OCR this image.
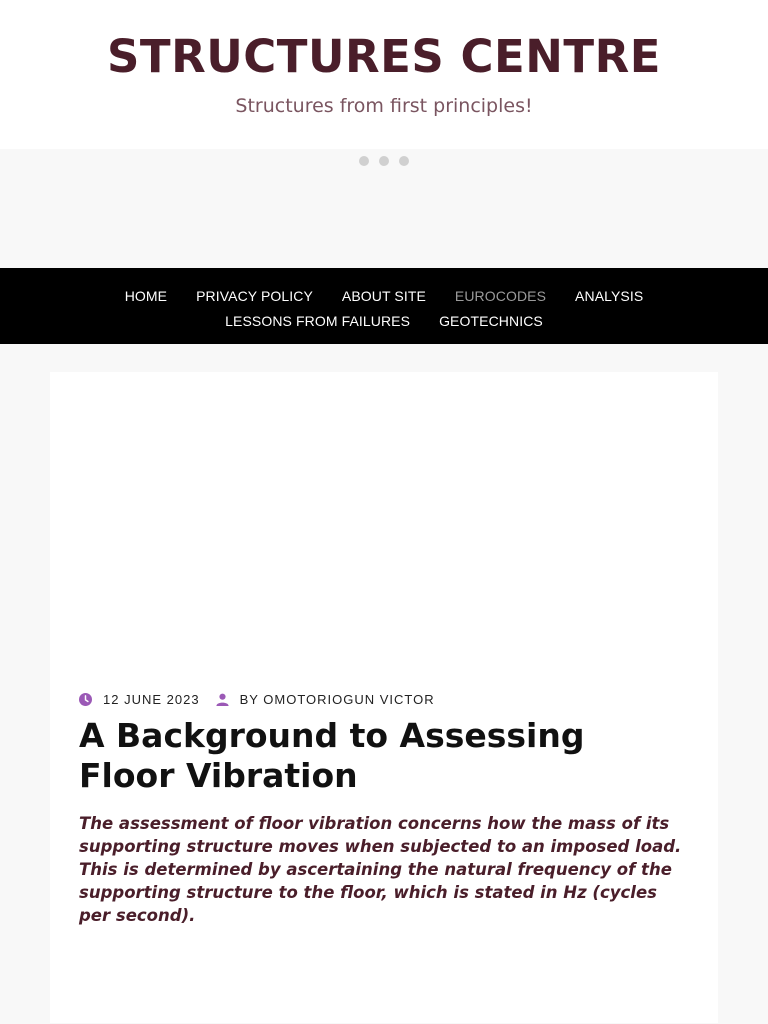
STRUCTURES CENTRE

Structures from first principles!

HOME PRIVACY POLICY ABOUT SITE EUROCODES ANALYSIS
LESSONS FROM FAILURES GEOTECHNICS
12 JUNE 2023	BY OMOTORIOGUN VICTOR
A Background to Assessing Floor Vibration

The assessment of floor vibration concerns how the mass of its supporting structure moves when subjected to an imposed load. This is determined by ascertaining the natural frequency of the supporting structure to the floor, which is stated in Hz (cycles per second).
